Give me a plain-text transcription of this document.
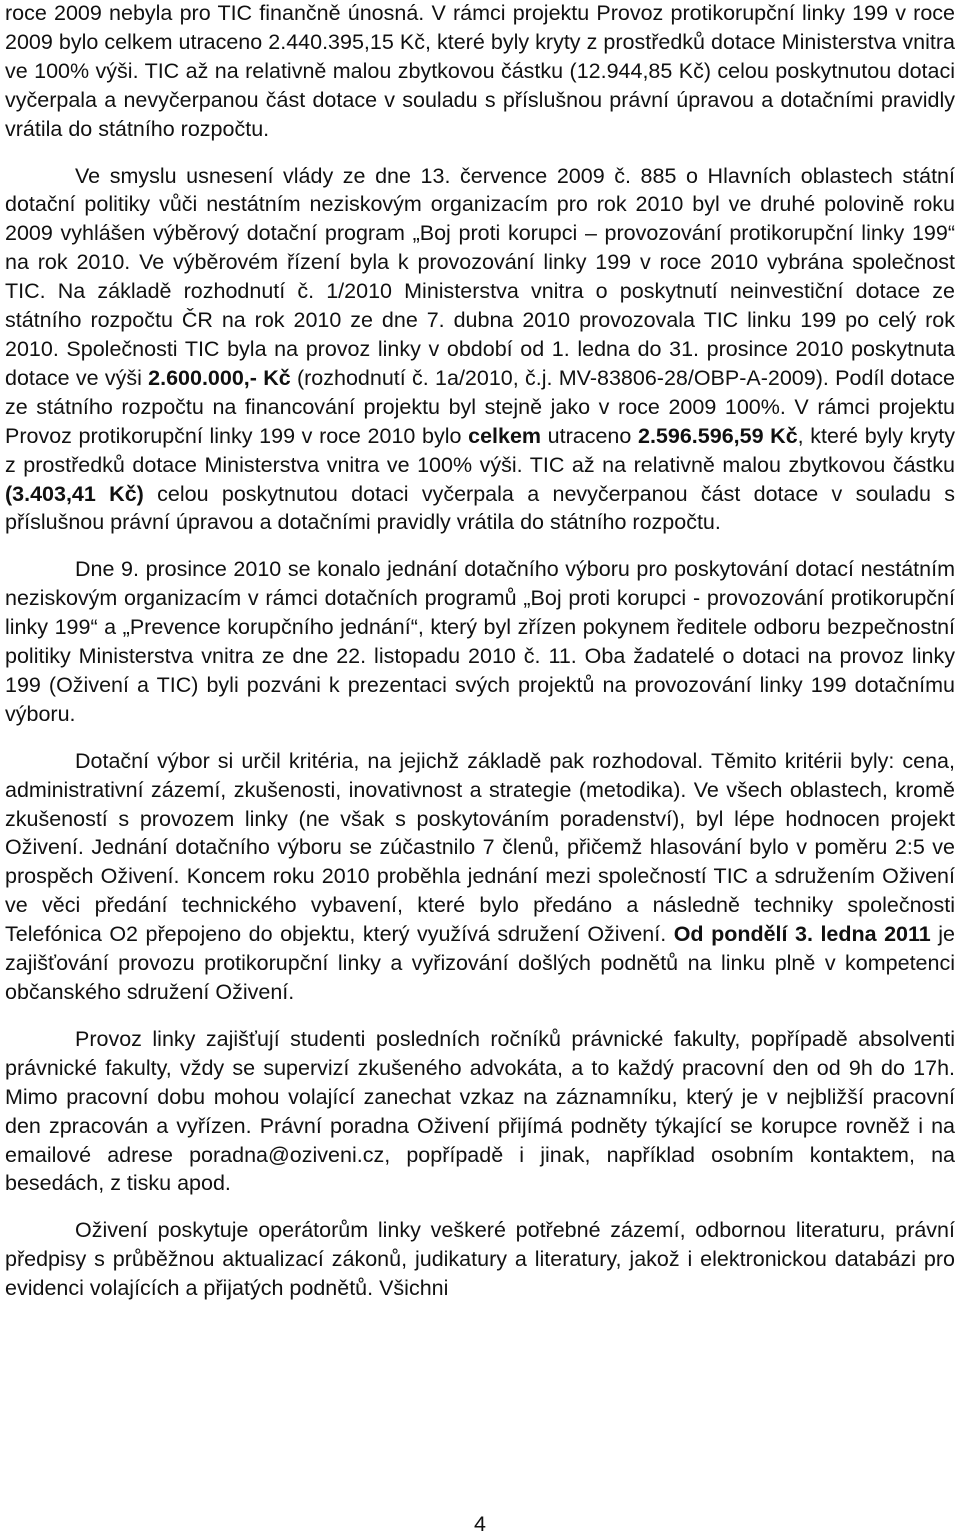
roce 2009 nebyla pro TIC finančně únosná. V rámci projektu Provoz protikorupční linky 199 v roce 2009 bylo celkem utraceno 2.440.395,15 Kč, které byly kryty z prostředků dotace Ministerstva vnitra ve 100% výši. TIC až na relativně malou zbytkovou částku (12.944,85 Kč) celou poskytnutou dotaci vyčerpala a nevyčerpanou část dotace v souladu s příslušnou právní úpravou a dotačními pravidly vrátila do státního rozpočtu.

Ve smyslu usnesení vlády ze dne 13. července 2009 č. 885 o Hlavních oblastech státní dotační politiky vůči nestátním neziskovým organizacím pro rok 2010 byl ve druhé polovině roku 2009 vyhlášen výběrový dotační program „Boj proti korupci – provozování protikorupční linky 199“ na rok 2010. Ve výběrovém řízení byla k provozování linky 199 v roce 2010 vybrána společnost TIC. Na základě rozhodnutí č. 1/2010 Ministerstva vnitra o poskytnutí neinvestiční dotace ze státního rozpočtu ČR na rok 2010 ze dne 7. dubna 2010 provozovala TIC linku 199 po celý rok 2010. Společnosti TIC byla na provoz linky v období od 1. ledna do 31. prosince 2010 poskytnuta dotace ve výši 2.600.000,- Kč (rozhodnutí č. 1a/2010, č.j. MV-83806-28/OBP-A-2009). Podíl dotace ze státního rozpočtu na financování projektu byl stejně jako v roce 2009 100%. V rámci projektu Provoz protikorupční linky 199 v roce 2010 bylo celkem utraceno 2.596.596,59 Kč, které byly kryty z prostředků dotace Ministerstva vnitra ve 100% výši. TIC až na relativně malou zbytkovou částku (3.403,41 Kč) celou poskytnutou dotaci vyčerpala a nevyčerpanou část dotace v souladu s příslušnou právní úpravou a dotačními pravidly vrátila do státního rozpočtu.

Dne 9. prosince 2010 se konalo jednání dotačního výboru pro poskytování dotací nestátním neziskovým organizacím v rámci dotačních programů „Boj proti korupci - provozování protikorupční linky 199“ a „Prevence korupčního jednání“, který byl zřízen pokynem ředitele odboru bezpečnostní politiky Ministerstva vnitra ze dne 22. listopadu 2010 č. 11. Oba žadatelé o dotaci na provoz linky 199 (Oživení a TIC) byli pozváni k prezentaci svých projektů na provozování linky 199 dotačnímu výboru.

Dotační výbor si určil kritéria, na jejichž základě pak rozhodoval. Těmito kritérii byly: cena, administrativní zázemí, zkušenosti, inovativnost a strategie (metodika). Ve všech oblastech, kromě zkušeností s provozem linky (ne však s poskytováním poradenství), byl lépe hodnocen projekt Oživení. Jednání dotačního výboru se zúčastnilo 7 členů, přičemž hlasování bylo v poměru 2:5 ve prospěch Oživení. Koncem roku 2010 proběhla jednání mezi společností TIC a sdružením Oživení ve věci předání technického vybavení, které bylo předáno a následně techniky společnosti Telefónica O2 přepojeno do objektu, který využívá sdružení Oživení. Od pondělí 3. ledna 2011 je zajišťování provozu protikorupční linky a vyřizování došlých podnětů na linku plně v kompetenci občanského sdružení Oživení.

Provoz linky zajišťují studenti posledních ročníků právnické fakulty, popřípadě absolventi právnické fakulty, vždy se supervizí zkušeného advokáta, a to každý pracovní den od 9h do 17h. Mimo pracovní dobu mohou volající zanechat vzkaz na záznamníku, který je v nejbližší pracovní den zpracován a vyřízen. Právní poradna Oživení přijímá podněty týkající se korupce rovněž i na emailové adrese poradna@oziveni.cz, popřípadě i jinak, například osobním kontaktem, na besedách, z tisku apod.

Oživení poskytuje operátorům linky veškeré potřebné zázemí, odbornou literaturu, právní předpisy s průběžnou aktualizací zákonů, judikatury a literatury, jakož i elektronickou databázi pro evidenci volajících a přijatých podnětů. Všichni

4
